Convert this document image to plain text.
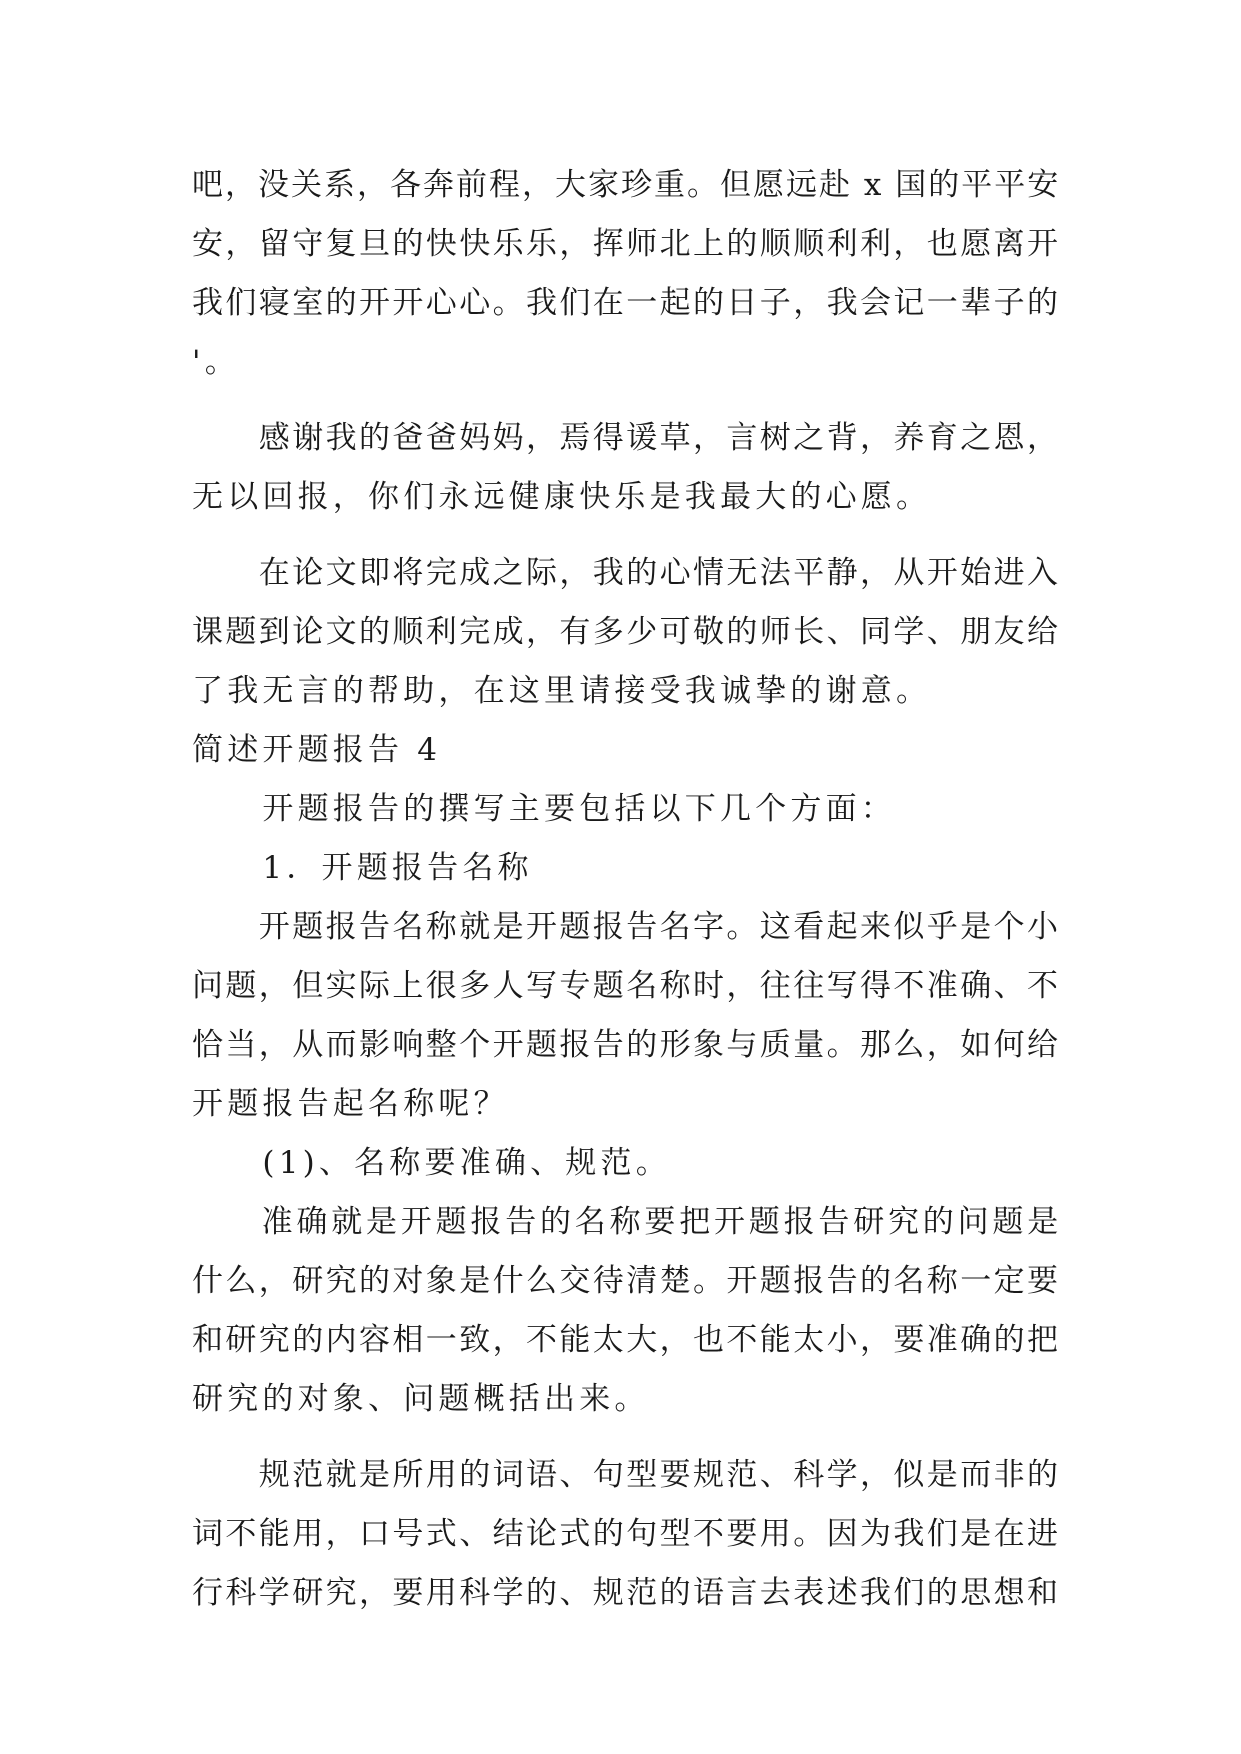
吧，没关系，各奔前程，大家珍重。但愿远赴 x 国的平平安
安，留守复旦的快快乐乐，挥师北上的顺顺利利，也愿离开
我们寝室的开开心心。我们在一起的日子，我会记一辈子的
'。
　　感谢我的爸爸妈妈，焉得谖草，言树之背，养育之恩，
无以回报，你们永远健康快乐是我最大的心愿。
　　在论文即将完成之际，我的心情无法平静，从开始进入
课题到论文的顺利完成，有多少可敬的师长、同学、朋友给
了我无言的帮助，在这里请接受我诚挚的谢意。
简述开题报告 4
　　开题报告的撰写主要包括以下几个方面：
　　1．开题报告名称
　　开题报告名称就是开题报告名字。这看起来似乎是个小
问题，但实际上很多人写专题名称时，往往写得不准确、不
恰当，从而影响整个开题报告的形象与质量。那么，如何给
开题报告起名称呢？
　　(1)、名称要准确、规范。
　　准确就是开题报告的名称要把开题报告研究的问题是
什么，研究的对象是什么交待清楚。开题报告的名称一定要
和研究的内容相一致，不能太大，也不能太小，要准确的把
研究的对象、问题概括出来。
　　规范就是所用的词语、句型要规范、科学，似是而非的
词不能用，口号式、结论式的句型不要用。因为我们是在进
行科学研究，要用科学的、规范的语言去表述我们的思想和
